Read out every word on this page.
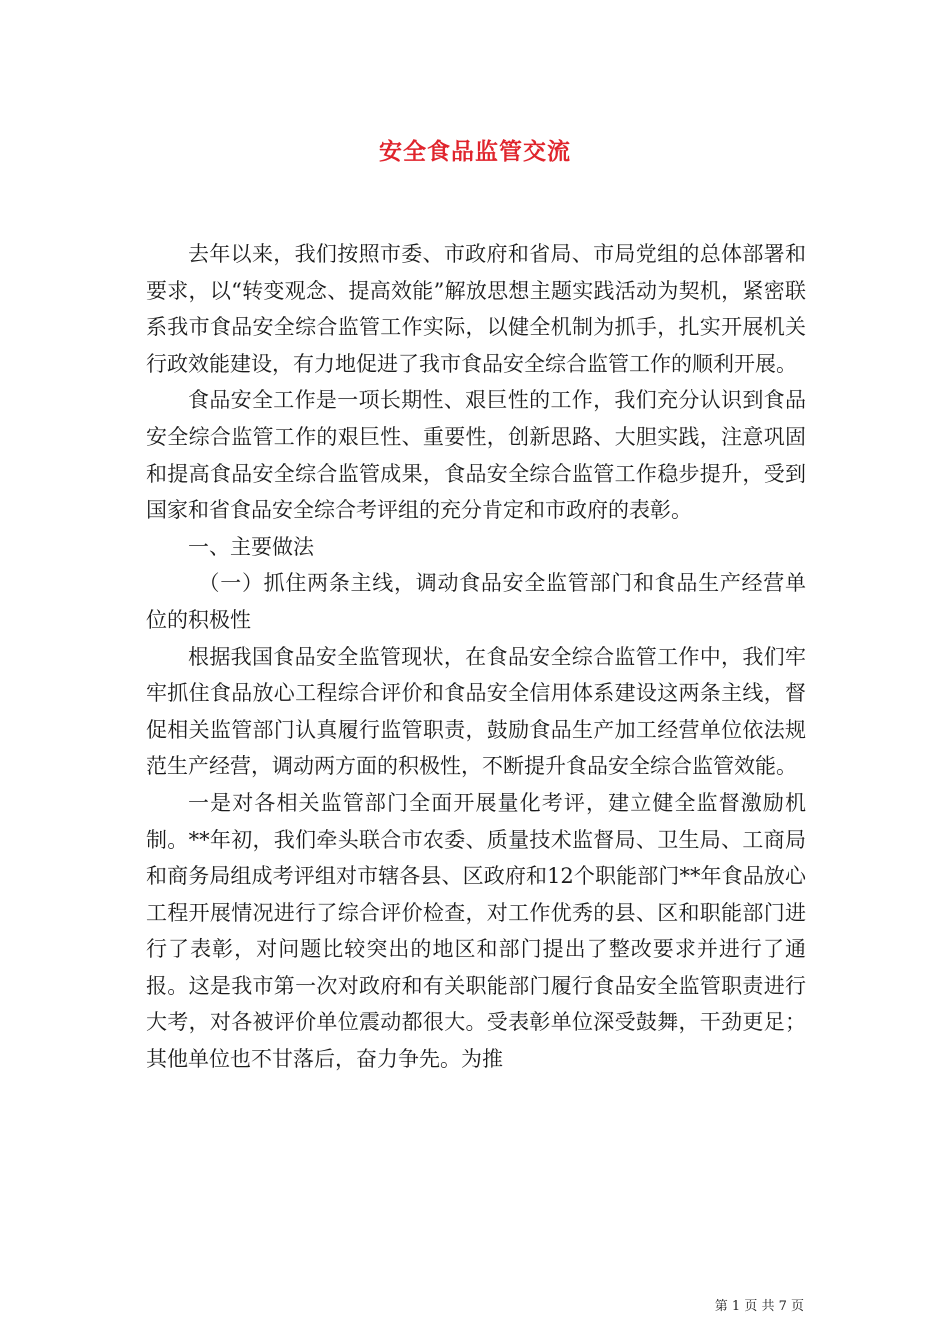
安全食品监管交流

去年以来，我们按照市委、市政府和省局、市局党组的总体部署和要求，以“转变观念、提高效能”解放思想主题实践活动为契机，紧密联系我市食品安全综合监管工作实际，以健全机制为抓手，扎实开展机关行政效能建设，有力地促进了我市食品安全综合监管工作的顺利开展。

食品安全工作是一项长期性、艰巨性的工作，我们充分认识到食品安全综合监管工作的艰巨性、重要性，创新思路、大胆实践，注意巩固和提高食品安全综合监管成果，食品安全综合监管工作稳步提升，受到国家和省食品安全综合考评组的充分肯定和市政府的表彰。

一、主要做法

（一）抓住两条主线，调动食品安全监管部门和食品生产经营单位的积极性

根据我国食品安全监管现状，在食品安全综合监管工作中，我们牢牢抓住食品放心工程综合评价和食品安全信用体系建设这两条主线，督促相关监管部门认真履行监管职责，鼓励食品生产加工经营单位依法规范生产经营，调动两方面的积极性，不断提升食品安全综合监管效能。

一是对各相关监管部门全面开展量化考评，建立健全监督激励机制。**年初，我们牵头联合市农委、质量技术监督局、卫生局、工商局和商务局组成考评组对市辖各县、区政府和12个职能部门**年食品放心工程开展情况进行了综合评价检查，对工作优秀的县、区和职能部门进行了表彰，对问题比较突出的地区和部门提出了整改要求并进行了通报。这是我市第一次对政府和有关职能部门履行食品安全监管职责进行大考，对各被评价单位震动都很大。受表彰单位深受鼓舞，干劲更足；其他单位也不甘落后，奋力争先。为推

第 1 页 共 7 页
